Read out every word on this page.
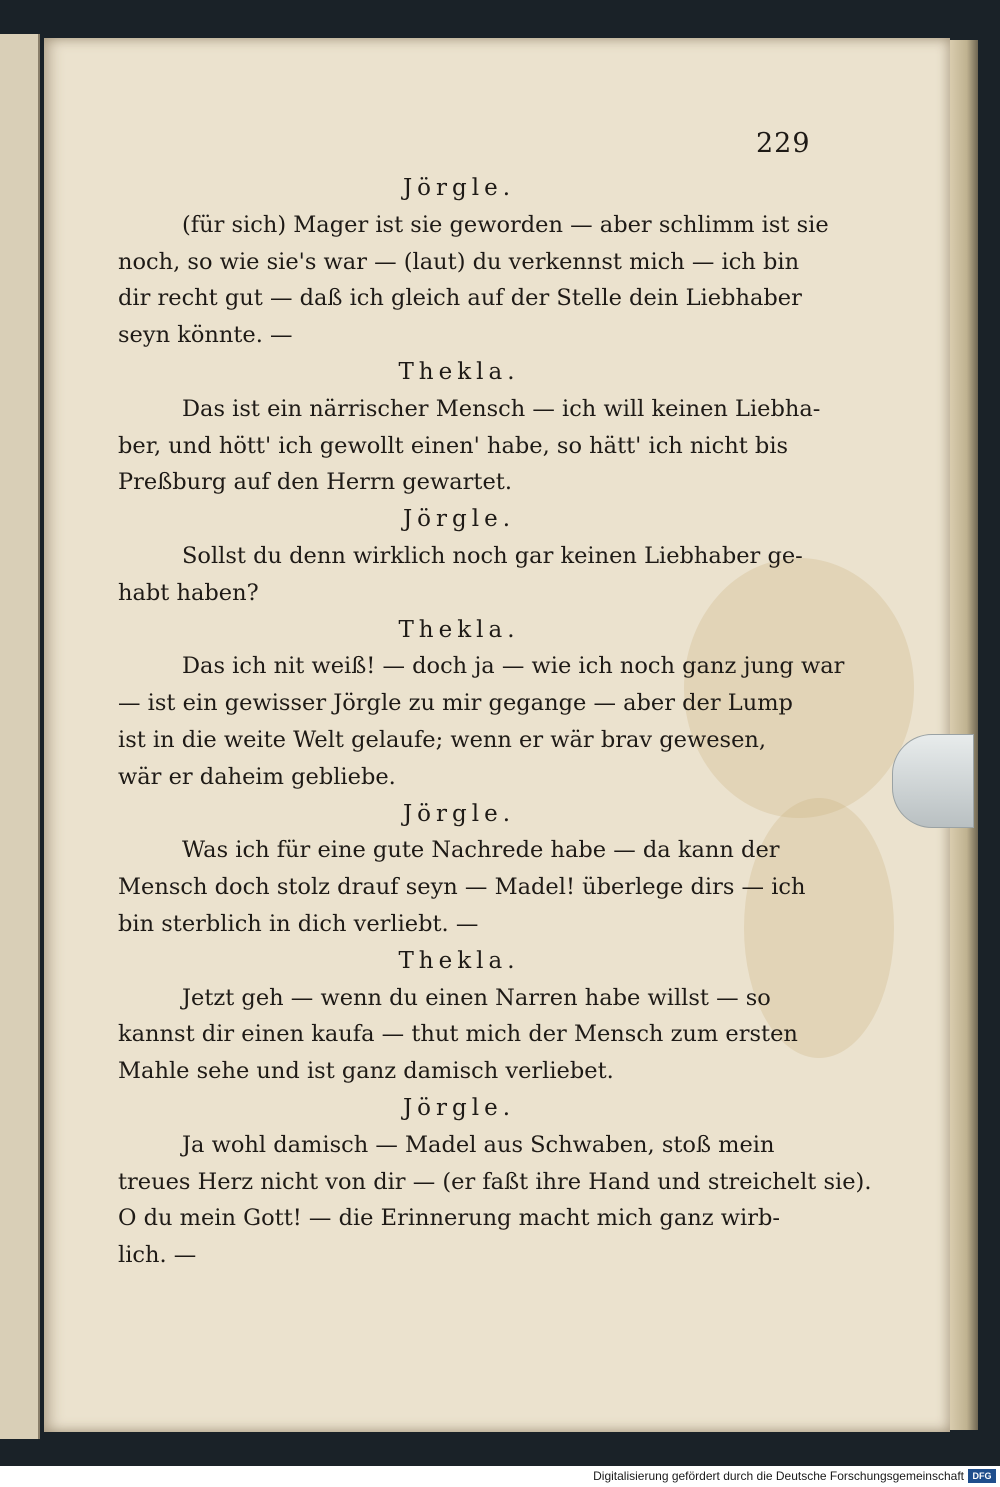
229
Jörgle.
(für sich) Mager ist sie geworden — aber schlimm ist sie
noch, so wie sie's war — (laut) du verkennst mich — ich bin
dir recht gut — daß ich gleich auf der Stelle dein Liebhaber
seyn könnte. —
Thekla.
Das ist ein närrischer Mensch — ich will keinen Liebha-
ber, und hött' ich gewollt einen' habe, so hätt' ich nicht bis
Preßburg auf den Herrn gewartet.
Jörgle.
Sollst du denn wirklich noch gar keinen Liebhaber ge-
habt haben?
Thekla.
Das ich nit weiß! — doch ja — wie ich noch ganz jung war
— ist ein gewisser Jörgle zu mir gegange — aber der Lump
ist in die weite Welt gelaufe; wenn er wär brav gewesen,
wär er daheim gebliebe.
Jörgle.
Was ich für eine gute Nachrede habe — da kann der
Mensch doch stolz drauf seyn — Madel! überlege dirs — ich
bin sterblich in dich verliebt. —
Thekla.
Jetzt geh — wenn du einen Narren habe willst — so
kannst dir einen kaufa — thut mich der Mensch zum ersten
Mahle sehe und ist ganz damisch verliebet.
Jörgle.
Ja wohl damisch — Madel aus Schwaben, stoß mein
treues Herz nicht von dir — (er faßt ihre Hand und streichelt sie).
O du mein Gott! — die Erinnerung macht mich ganz wirb-
lich. —
Digitalisierung gefördert durch die Deutsche Forschungsgemeinschaft DFG
